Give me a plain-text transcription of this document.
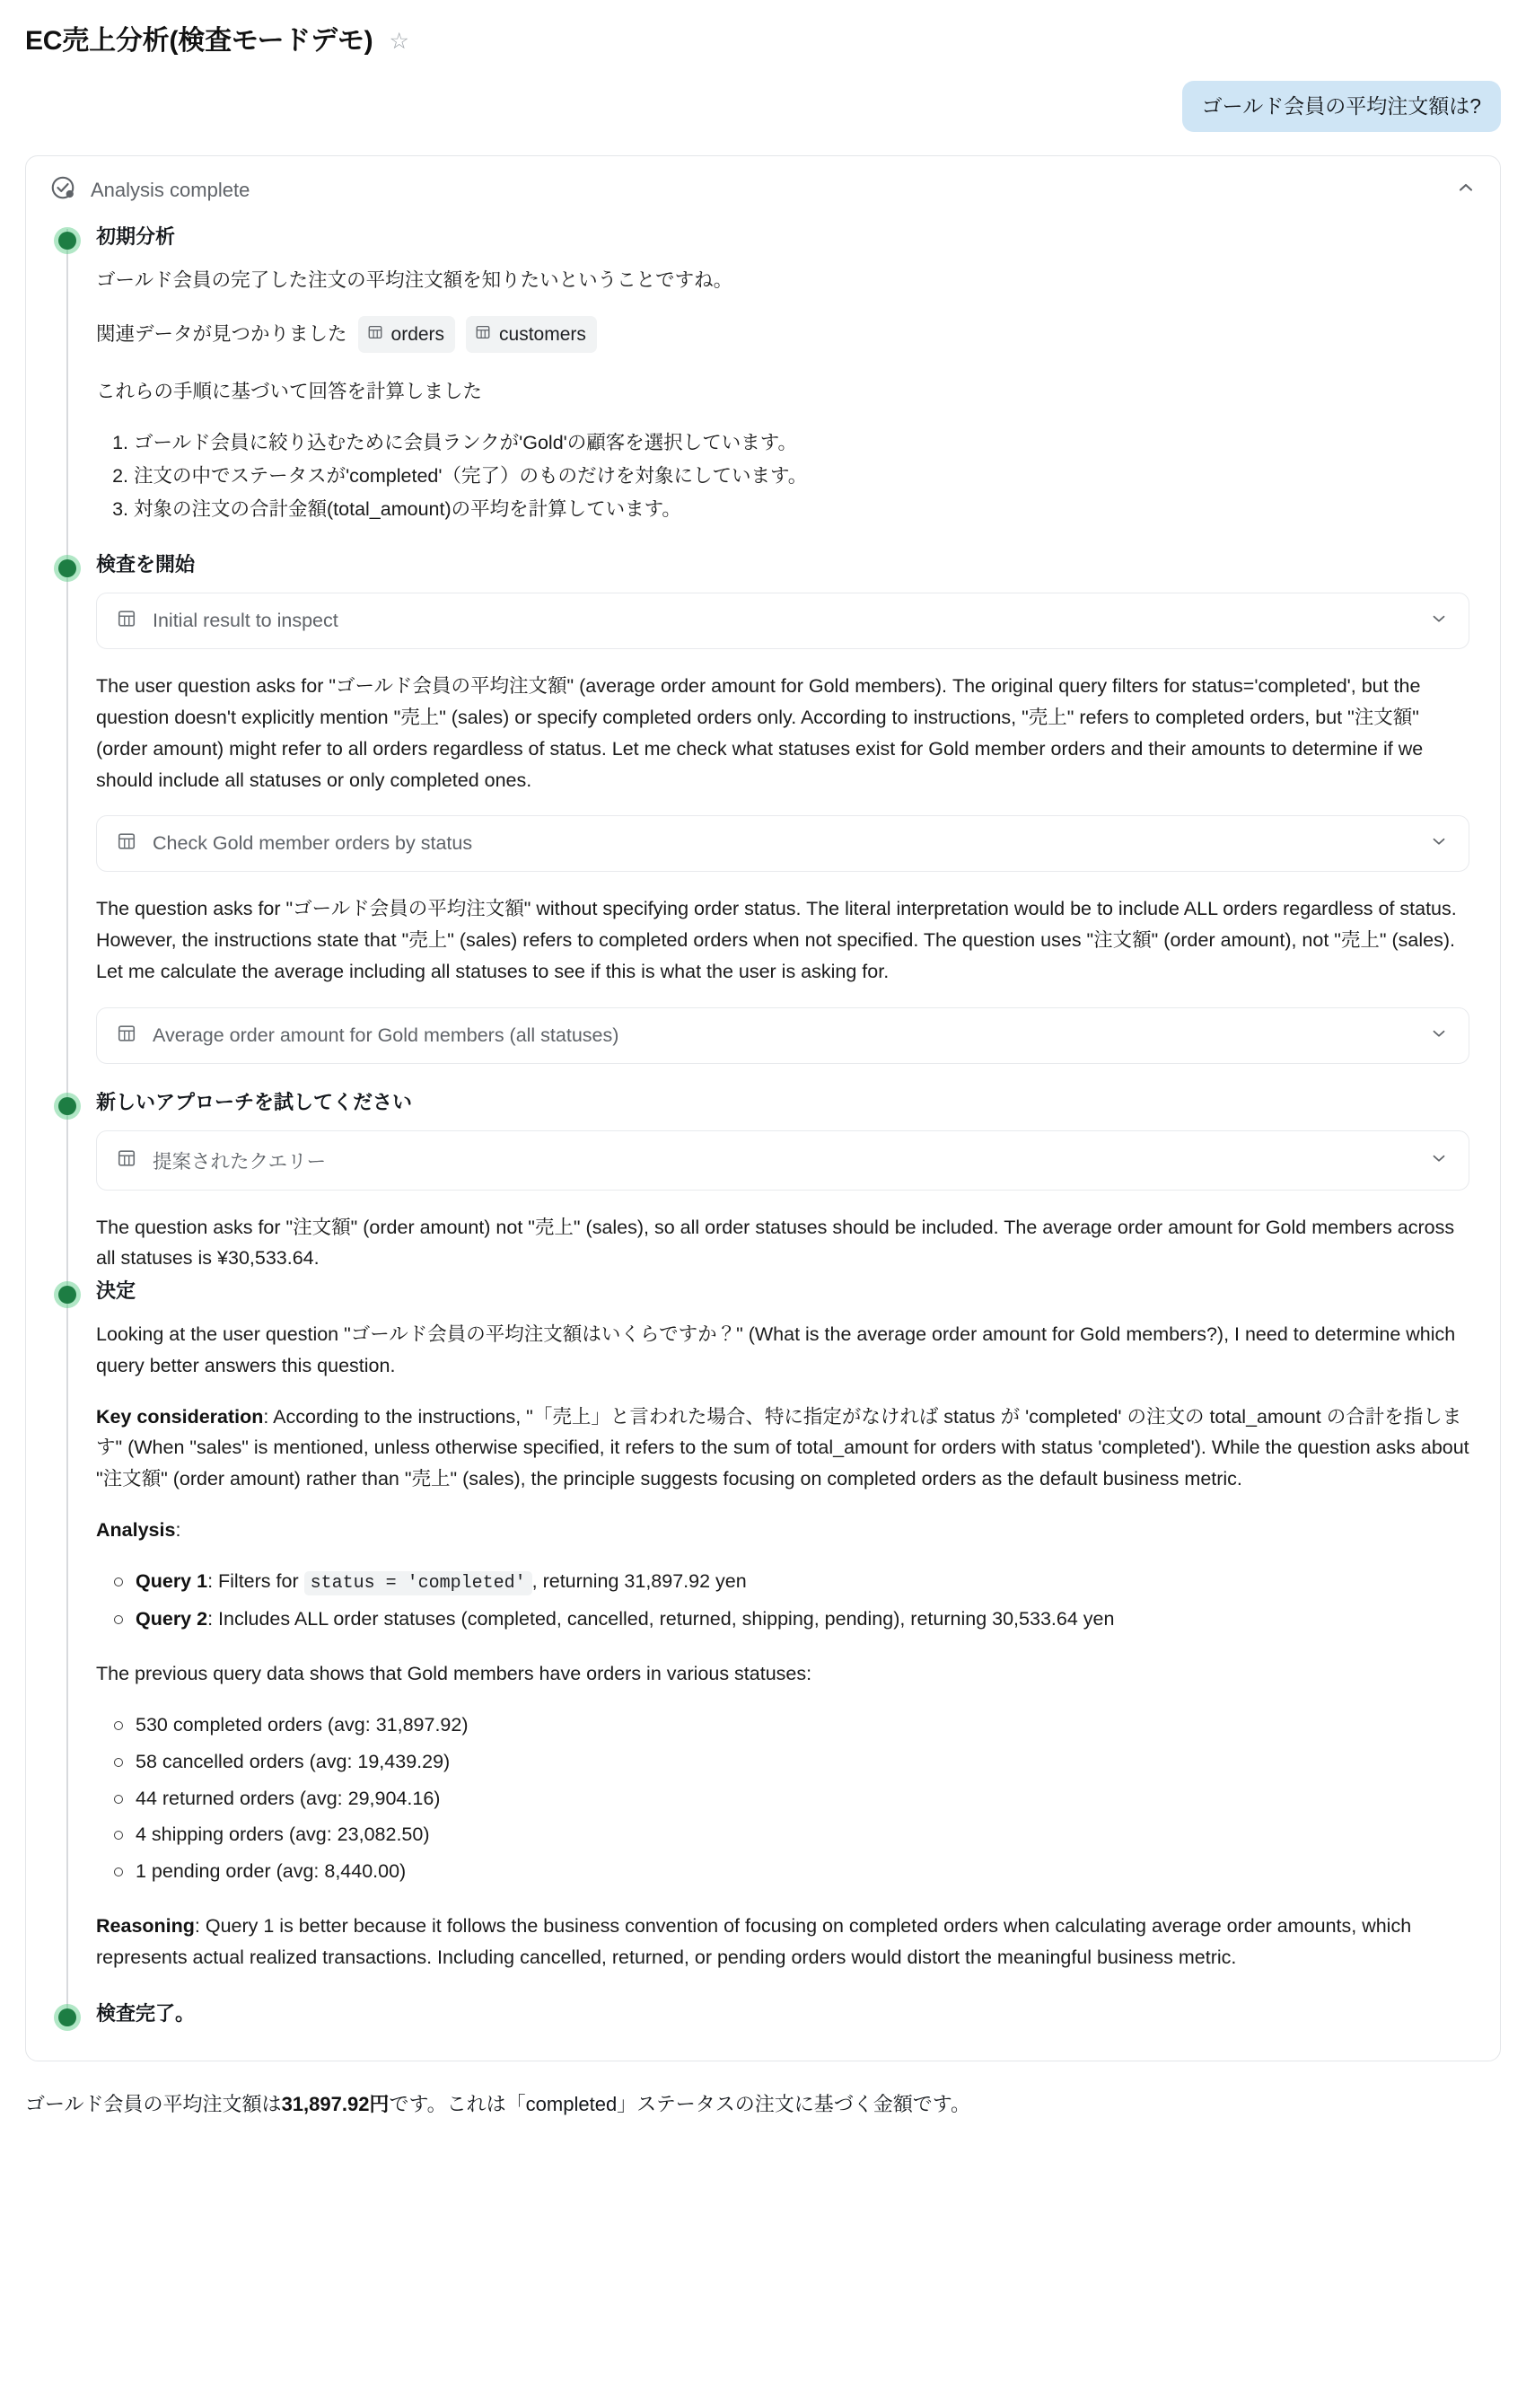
EC売上分析(検査モードデモ) ☆
ゴールド会員の平均注文額は?
Analysis complete
初期分析

ゴールド会員の完了した注文の平均注文額を知りたいということですね。

関連データが見つかりました orders	customers

これらの手順に基づいて回答を計算しました

1. ゴールド会員に絞り込むために会員ランクが'Gold'の顧客を選択しています。
2. 注文の中でステータスが'completed'（完了）のものだけを対象にしています。
3. 対象の注文の合計金額(total_amount)の平均を計算しています。
検査を開始
Initial result to inspect

The user question asks for "ゴールド会員の平均注文額" (average order amount for Gold members). The original query filters for status='completed', but the question doesn't explicitly mention "売上" (sales) or specify completed orders only. According to instructions, "売上" refers to completed orders, but "注文額" (order amount) might refer to all orders regardless of status. Let me check what statuses exist for Gold member orders and their amounts to determine if we should include all statuses or only completed ones.

Check Gold member orders by status

The question asks for "ゴールド会員の平均注文額" without specifying order status. The literal interpretation would be to include ALL orders regardless of status. However, the instructions state that "売上" (sales) refers to completed orders when not specified. The question uses "注文額" (order amount), not "売上" (sales). Let me calculate the average including all statuses to see if this is what the user is asking for.

Average order amount for Gold members (all statuses)
新しいアプローチを試してください
提案されたクエリー

The question asks for "注文額" (order amount) not "売上" (sales), so all order statuses should be included. The average order amount for Gold members across all statuses is ¥30,533.64.

決定

Looking at the user question "ゴールド会員の平均注文額はいくらですか？" (What is the average order amount for Gold members?), I need to determine which query better answers this question.

Key consideration: According to the instructions, "「売上」と言われた場合、特に指定がなければ status が 'completed' の注文の total_amount の合計を指します" (When "sales" is mentioned, unless otherwise specified, it refers to the sum of total_amount for orders with status 'completed'). While the question asks about "注文額" (order amount) rather than "売上" (sales), the principle suggests focusing on completed orders as the default business metric.

Analysis:

Query 1: Filters for status = 'completed' , returning 31,897.92 yen
Query 2: Includes ALL order statuses (completed, cancelled, returned, shipping, pending), returning 30,533.64 yen

The previous query data shows that Gold members have orders in various statuses:

530 completed orders (avg: 31,897.92)
58 cancelled orders (avg: 19,439.29)
44 returned orders (avg: 29,904.16)
4 shipping orders (avg: 23,082.50)
1 pending order (avg: 8,440.00)

Reasoning: Query 1 is better because it follows the business convention of focusing on completed orders when calculating average order amounts, which represents actual realized transactions. Including cancelled, returned, or pending orders would distort the meaningful business metric.

検査完了。
ゴールド会員の平均注文額は31,897.92円です。これは「completed」ステータスの注文に基づく金額です。
